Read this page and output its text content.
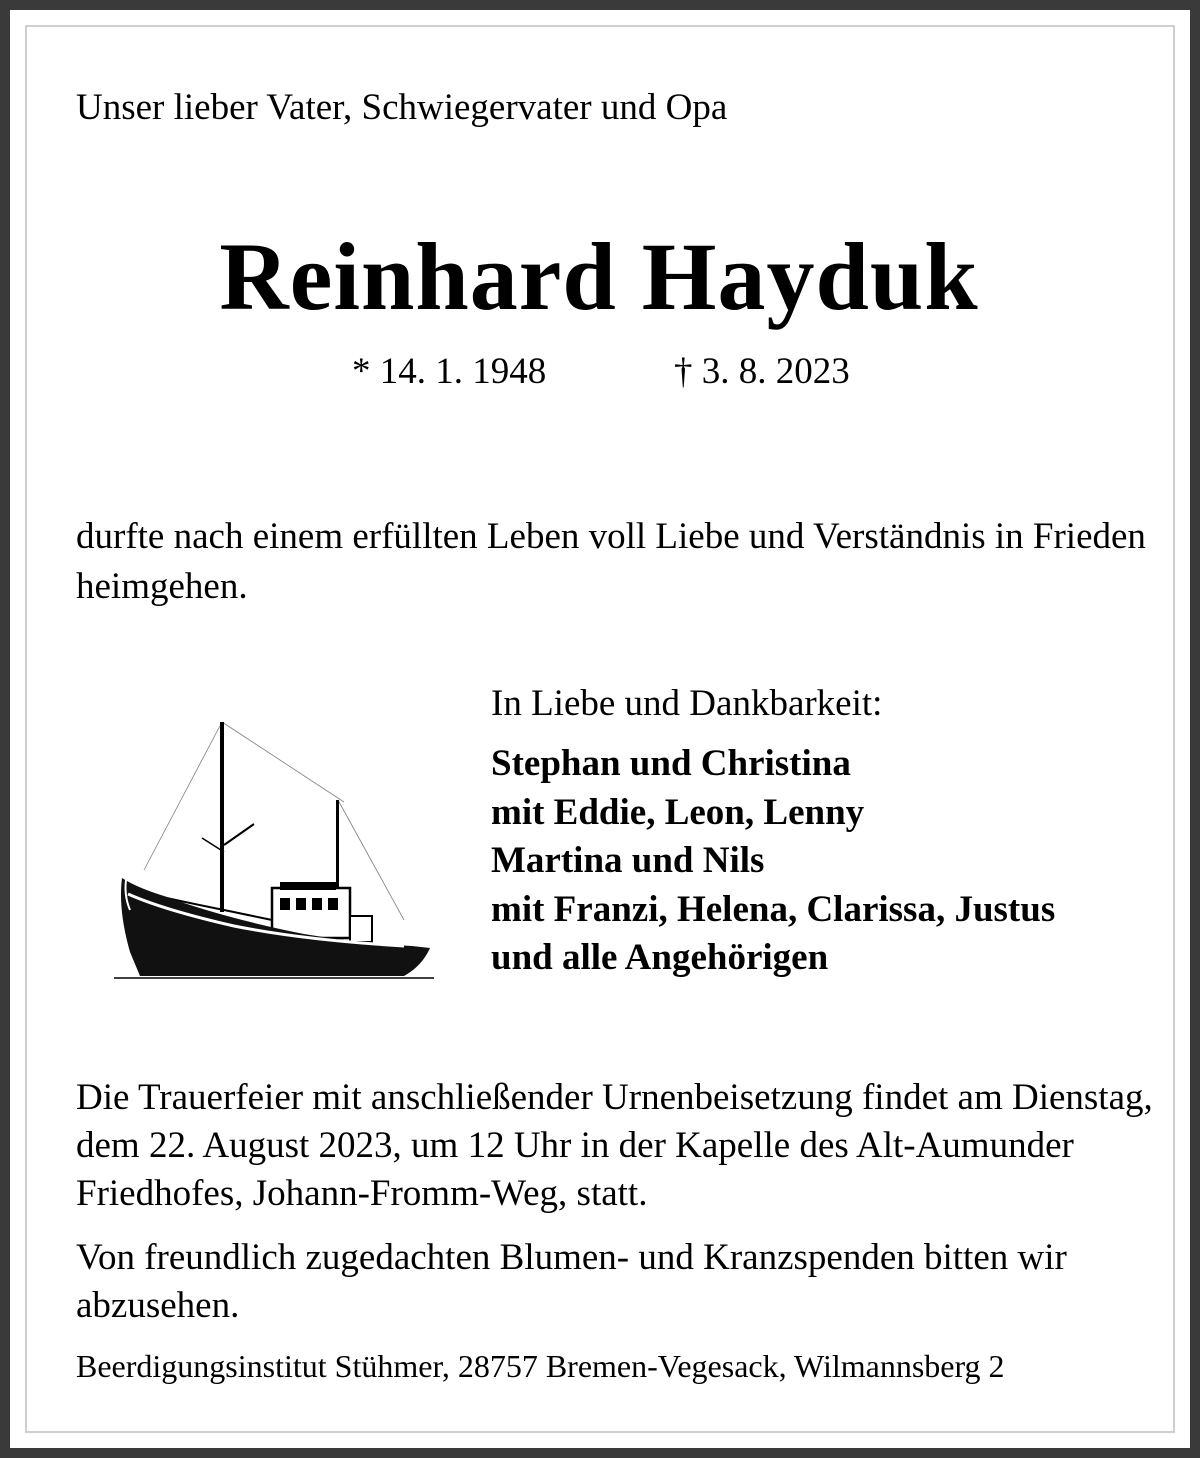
Unser lieber Vater, Schwiegervater und Opa

Reinhard Hayduk

* 14. 1. 1948	† 3. 8. 2023

durfte nach einem erfüllten Leben voll Liebe und Verständnis in Frieden heimgehen.

In Liebe und Dankbarkeit:

Stephan und Christina
mit Eddie, Leon, Lenny
Martina und Nils
mit Franzi, Helena, Clarissa, Justus
und alle Angehörigen

Die Trauerfeier mit anschließender Urnenbeisetzung findet am Dienstag, dem 22. August 2023, um 12 Uhr in der Kapelle des Alt-Aumunder Friedhofes, Johann-Fromm-Weg, statt.

Von freundlich zugedachten Blumen- und Kranzspenden bitten wir abzusehen.

Beerdigungsinstitut Stühmer, 28757 Bremen-Vegesack, Wilmannsberg 2
